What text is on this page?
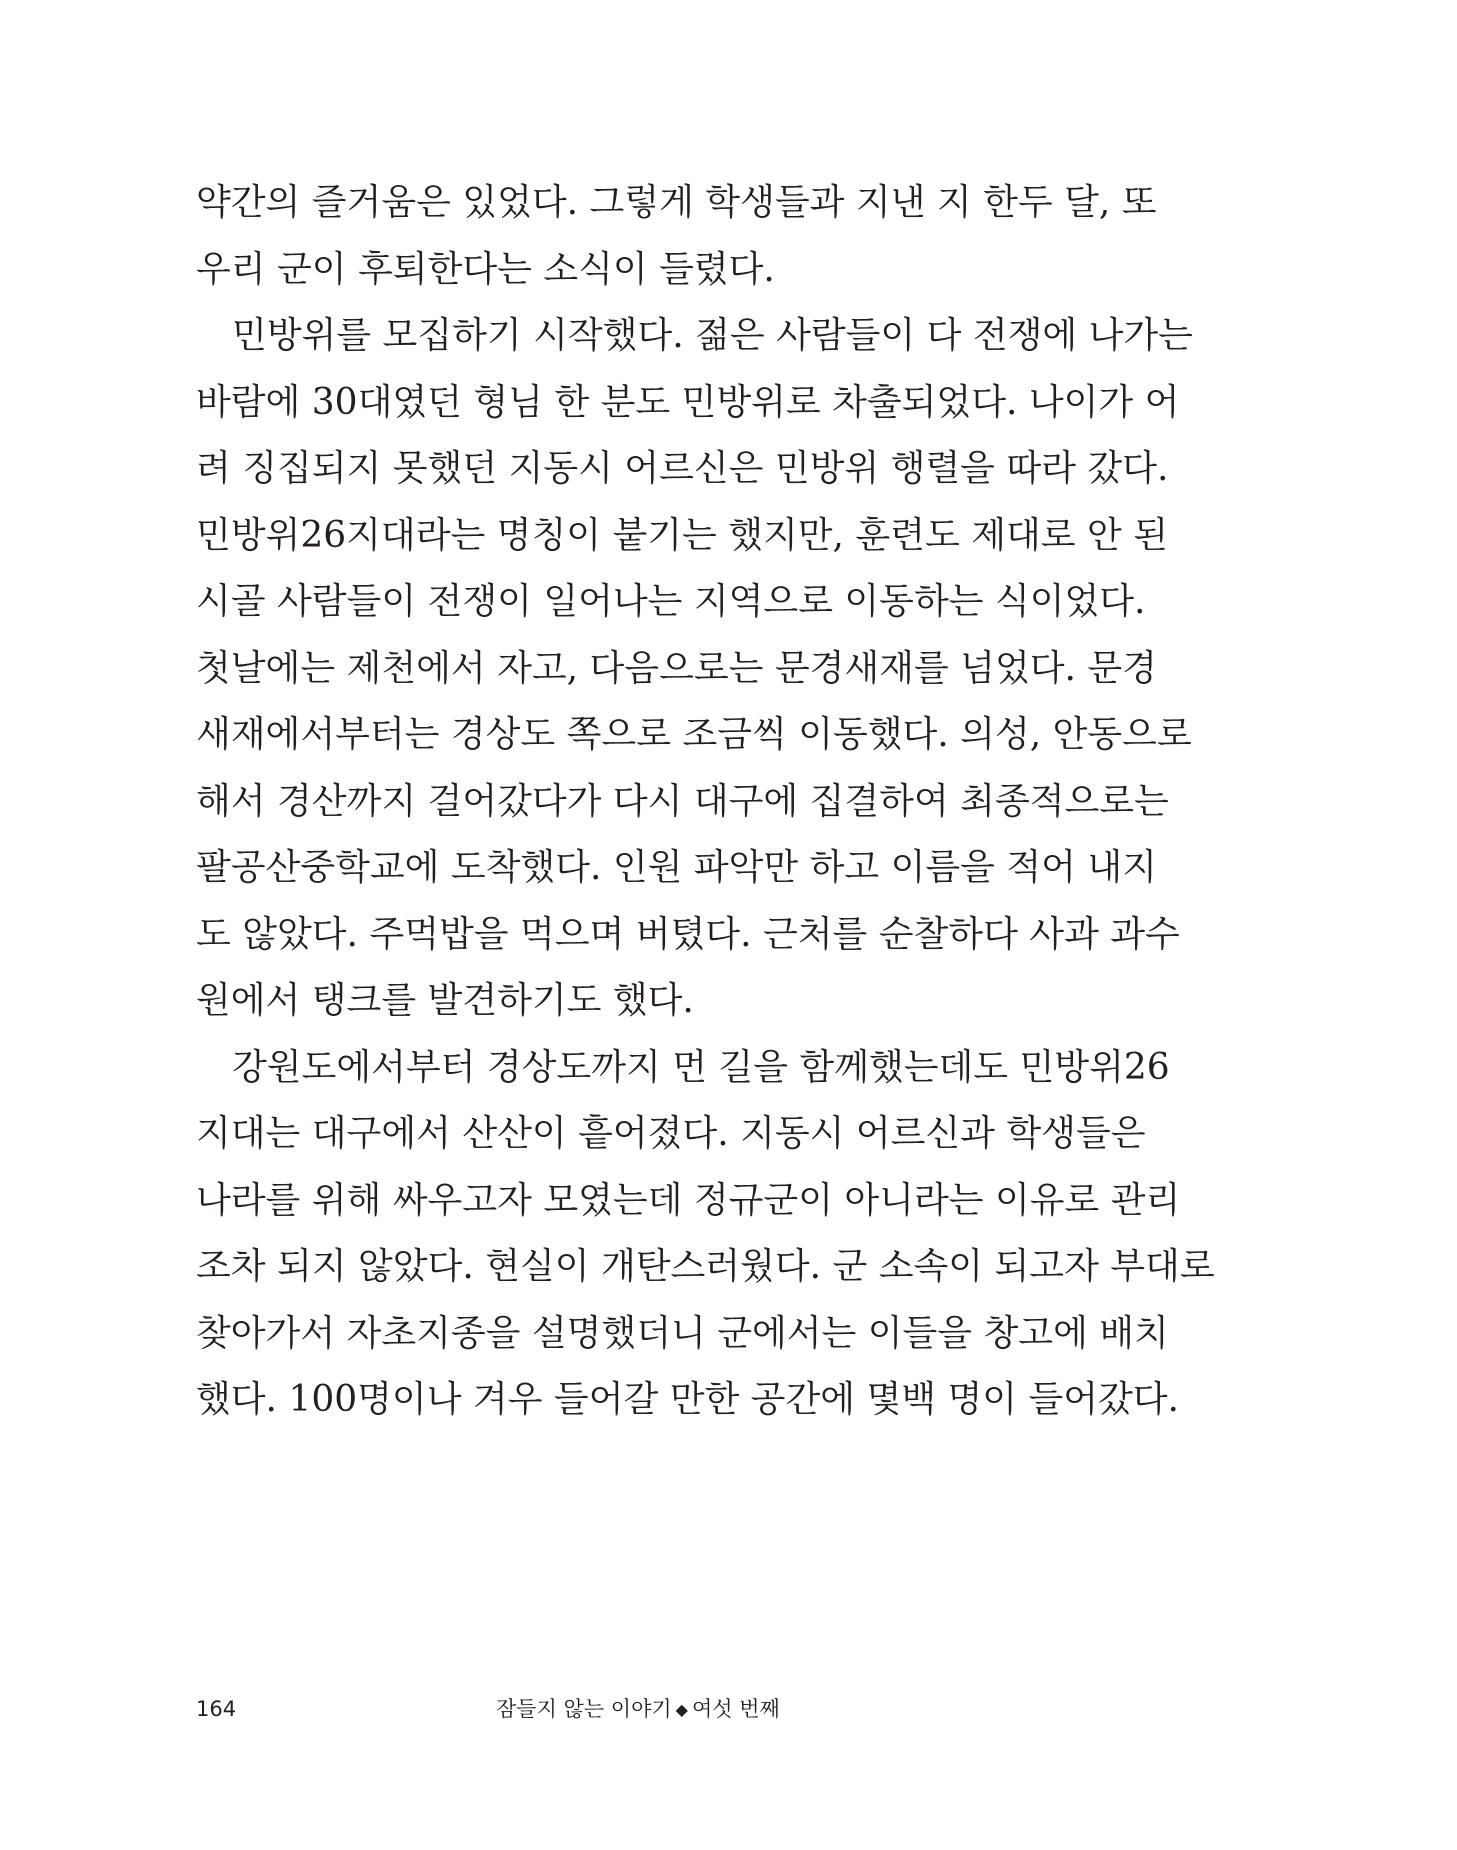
약간의 즐거움은 있었다. 그렇게 학생들과 지낸 지 한두 달, 또
우리 군이 후퇴한다는 소식이 들렸다.
민방위를 모집하기 시작했다. 젊은 사람들이 다 전쟁에 나가는
바람에 30대였던 형님 한 분도 민방위로 차출되었다. 나이가 어
려 징집되지 못했던 지동시 어르신은 민방위 행렬을 따라 갔다.
민방위26지대라는 명칭이 붙기는 했지만, 훈련도 제대로 안 된
시골 사람들이 전쟁이 일어나는 지역으로 이동하는 식이었다.
첫날에는 제천에서 자고, 다음으로는 문경새재를 넘었다. 문경
새재에서부터는 경상도 쪽으로 조금씩 이동했다. 의성, 안동으로
해서 경산까지 걸어갔다가 다시 대구에 집결하여 최종적으로는
팔공산중학교에 도착했다. 인원 파악만 하고 이름을 적어 내지
도 않았다. 주먹밥을 먹으며 버텼다. 근처를 순찰하다 사과 과수
원에서 탱크를 발견하기도 했다.
강원도에서부터 경상도까지 먼 길을 함께했는데도 민방위26
지대는 대구에서 산산이 흩어졌다. 지동시 어르신과 학생들은
나라를 위해 싸우고자 모였는데 정규군이 아니라는 이유로 관리
조차 되지 않았다. 현실이 개탄스러웠다. 군 소속이 되고자 부대로
찾아가서 자초지종을 설명했더니 군에서는 이들을 창고에 배치
했다. 100명이나 겨우 들어갈 만한 공간에 몇백 명이 들어갔다.
164	잠들지 않는 이야기 ◆ 여섯 번째
